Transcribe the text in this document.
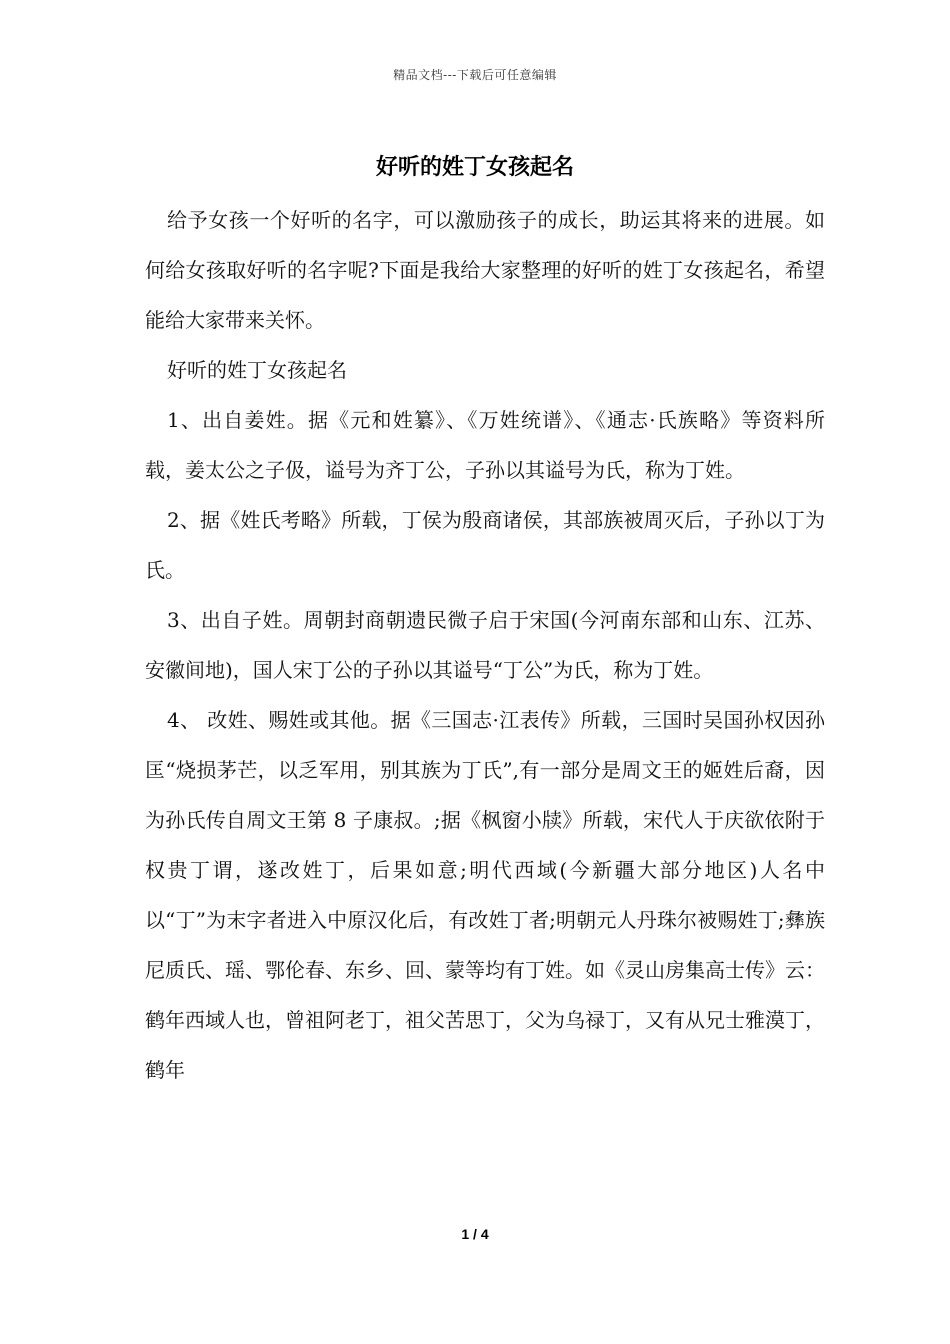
精品文档---下载后可任意编辑
好听的姓丁女孩起名

给予女孩一个好听的名字，可以激励孩子的成长，助运其将来的进展。如何给女孩取好听的名字呢?下面是我给大家整理的好听的姓丁女孩起名，希望能给大家带来关怀。

好听的姓丁女孩起名

1、出自姜姓。据《元和姓纂》、《万姓统谱》、《通志·氏族略》等资料所载，姜太公之子伋，谥号为齐丁公，子孙以其谥号为氏，称为丁姓。

2、据《姓氏考略》所载，丁侯为殷商诸侯，其部族被周灭后，子孙以丁为氏。

3、出自子姓。周朝封商朝遗民微子启于宋国(今河南东部和山东、江苏、安徽间地)，国人宋丁公的子孙以其谥号“丁公”为氏，称为丁姓。

4、 改姓、赐姓或其他。据《三国志·江表传》所载，三国时吴国孙权因孙匡“烧损茅芒，以乏军用，别其族为丁氏”,有一部分是周文王的姬姓后裔，因为孙氏传自周文王第 8 子康叔。;据《枫窗小牍》所载，宋代人于庆欲依附于权贵丁谓，遂改姓丁，后果如意;明代西域(今新疆大部分地区)人名中以“丁”为末字者进入中原汉化后，有改姓丁者;明朝元人丹珠尔被赐姓丁;彝族尼质氏、瑶、鄂伦春、东乡、回、蒙等均有丁姓。如《灵山房集高士传》云：鹤年西域人也，曾祖阿老丁，祖父苦思丁，父为乌禄丁，又有从兄士雅漠丁，鹤年

1 / 4
